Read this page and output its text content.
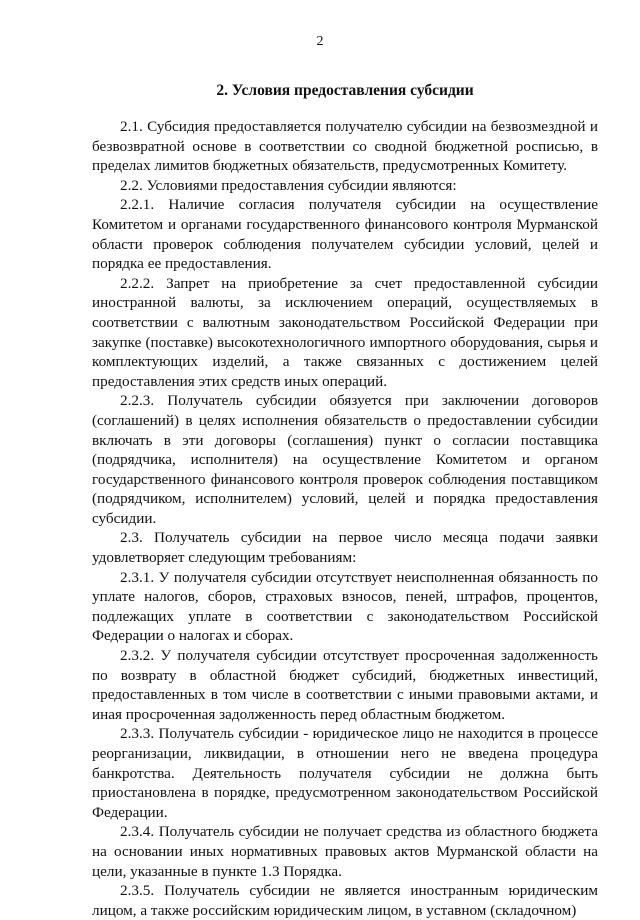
2
2. Условия предоставления субсидии

2.1. Субсидия предоставляется получателю субсидии на безвозмездной и безвозвратной основе в соответствии со сводной бюджетной росписью, в пределах лимитов бюджетных обязательств, предусмотренных Комитету.

2.2. Условиями предоставления субсидии являются:

2.2.1. Наличие согласия получателя субсидии на осуществление Комитетом и органами государственного финансового контроля Мурманской области проверок соблюдения получателем субсидии условий, целей и порядка ее предоставления.

2.2.2. Запрет на приобретение за счет предоставленной субсидии иностранной валюты, за исключением операций, осуществляемых в соответствии с валютным законодательством Российской Федерации при закупке (поставке) высокотехнологичного импортного оборудования, сырья и комплектующих изделий, а также связанных с достижением целей предоставления этих средств иных операций.

2.2.3. Получатель субсидии обязуется при заключении договоров (соглашений) в целях исполнения обязательств о предоставлении субсидии включать в эти договоры (соглашения) пункт о согласии поставщика (подрядчика, исполнителя) на осуществление Комитетом и органом государственного финансового контроля проверок соблюдения поставщиком (подрядчиком, исполнителем) условий, целей и порядка предоставления субсидии.

2.3. Получатель субсидии на первое число месяца подачи заявки удовлетворяет следующим требованиям:

2.3.1. У получателя субсидии отсутствует неисполненная обязанность по уплате налогов, сборов, страховых взносов, пеней, штрафов, процентов, подлежащих уплате в соответствии с законодательством Российской Федерации о налогах и сборах.

2.3.2. У получателя субсидии отсутствует просроченная задолженность по возврату в областной бюджет субсидий, бюджетных инвестиций, предоставленных в том числе в соответствии с иными правовыми актами, и иная просроченная задолженность перед областным бюджетом.

2.3.3. Получатель субсидии - юридическое лицо не находится в процессе реорганизации, ликвидации, в отношении него не введена процедура банкротства. Деятельность получателя субсидии не должна быть приостановлена в порядке, предусмотренном законодательством Российской Федерации.

2.3.4. Получатель субсидии не получает средства из областного бюджета на основании иных нормативных правовых актов Мурманской области на цели, указанные в пункте 1.3 Порядка.

2.3.5. Получатель субсидии не является иностранным юридическим лицом, а также российским юридическим лицом, в уставном (складочном)
